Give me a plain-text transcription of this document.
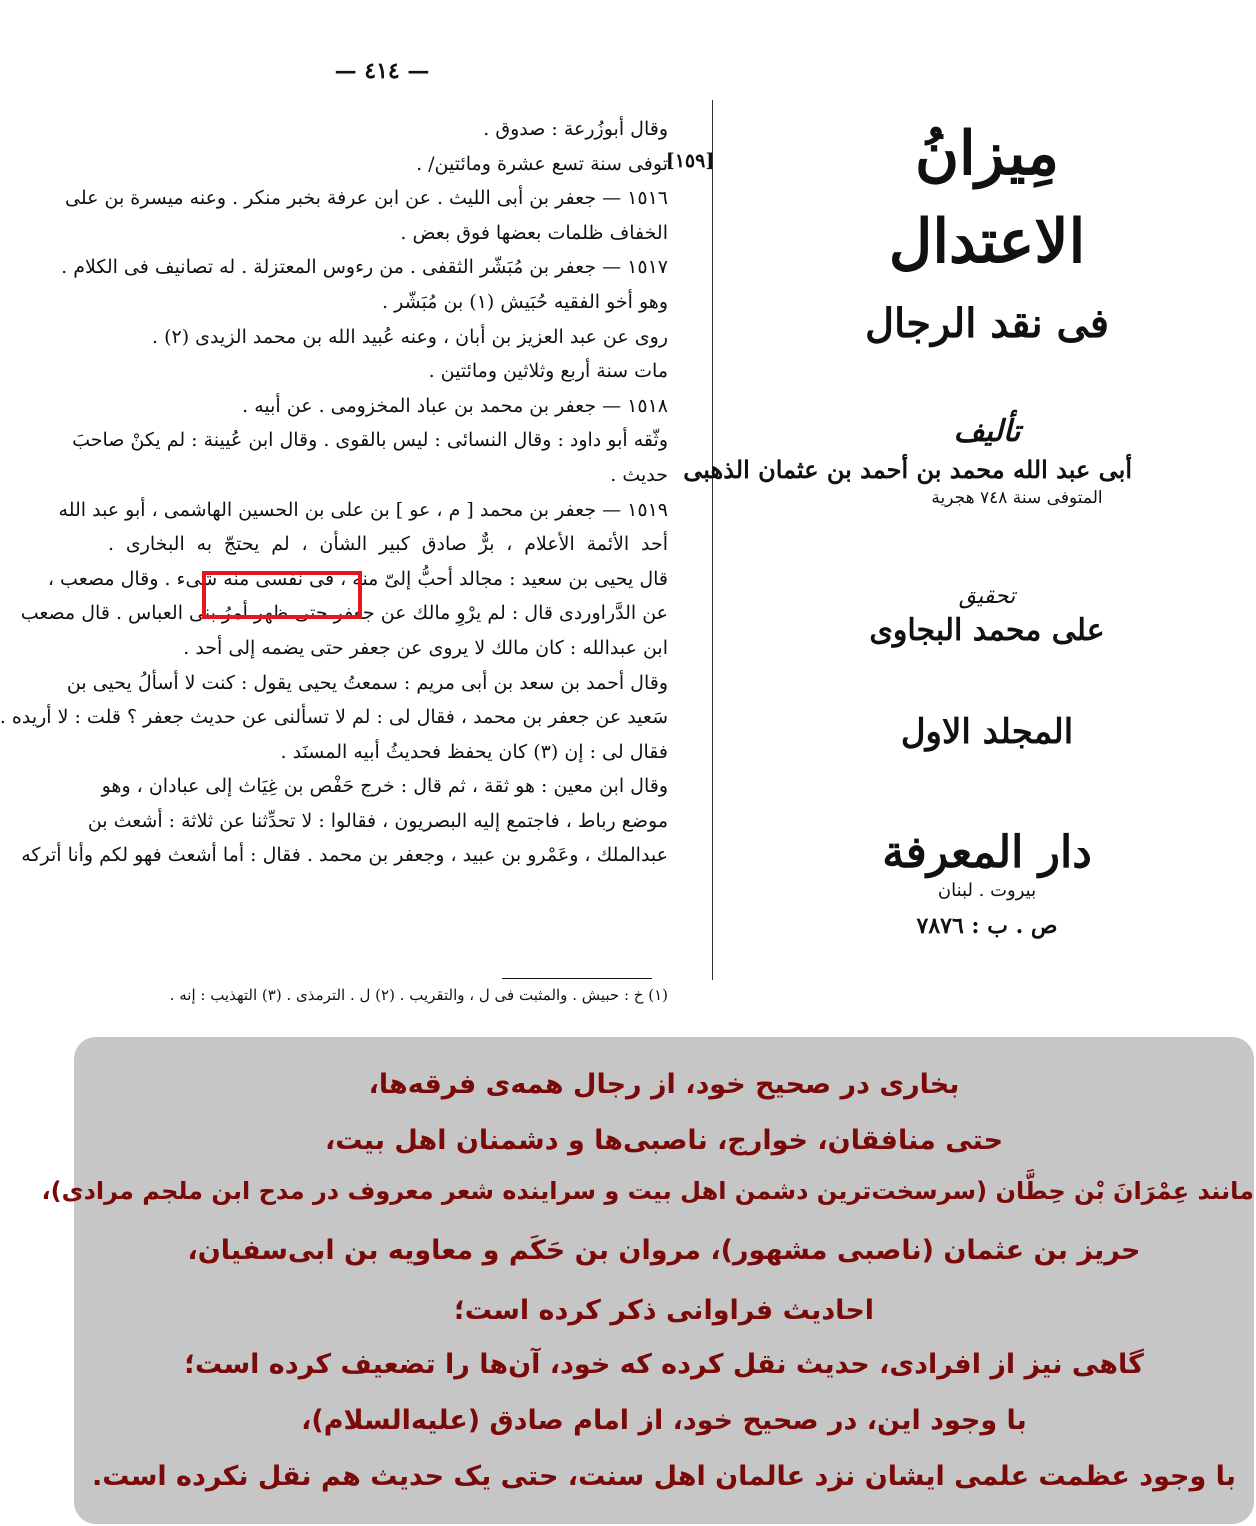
— ٤١٤ —
[١٥٩]
وقال أبوزُرعة : صدوق .
توفى سنة تسع عشرة ومائتين/ .
١٥١٦ — جعفر بن أبى الليث . عن ابن عرفة بخبر منكر . وعنه ميسرة بن على
الخفاف ظلمات بعضها فوق بعض .
١٥١٧ — جعفر بن مُبَشّر الثقفى . من رءوس المعتزلة . له تصانيف فى الكلام .
وهو أخو الفقيه حُبَيش (١) بن مُبَشّر .
روى عن عبد العزيز بن أبان ، وعنه عُبيد الله بن محمد الزيدى (٢) .
مات سنة أربع وثلاثين ومائتين .
١٥١٨ — جعفر بن محمد بن عباد المخزومى . عن أبيه .
وثّقه أبو داود : وقال النسائى : ليس بالقوى . وقال ابن عُيينة : لم يكنْ صاحبَ
حديث .
١٥١٩ — جعفر بن محمد [ م ، عو ] بن على بن الحسين الهاشمى ، أبو عبد الله
أحد الأئمة الأعلام ، برٌّ صادق كبير الشأن ، لم يحتجّ به البخارى .
قال يحيى بن سعيد : مجالد أحبُّ إلىّ منه ، فى نفسى منه شىء . وقال مصعب ،
عن الدَّراوردى قال : لم يرْوِ مالك عن جعفر حتى ظهر أمرُ بنى العباس . قال مصعب
ابن عبدالله : كان مالك لا يروى عن جعفر حتى يضمه إلى أحد .
وقال أحمد بن سعد بن أبى مريم : سمعتُ يحيى يقول : كنت لا أسألُ يحيى بن
سَعيد عن جعفر بن محمد ، فقال لى : لم لا تسألنى عن حديث جعفر ؟ قلت : لا أريده .
فقال لى : إن (٣) كان يحفظ فحديثُ أبيه المسنَد .
وقال ابن معين : هو ثقة ، ثم قال : خرج حَفْص بن غِيَاث إلى عبادان ، وهو
موضع رباط ، فاجتمع إليه البصريون ، فقالوا : لا تحدِّثنا عن ثلاثة : أشعث بن
عبدالملك ، وعَمْرو بن عبيد ، وجعفر بن محمد . فقال : أما أشعث فهو لكم وأنا أتركه
(١) خ : حبيش . والمثبت فى ل ، والتقريب . (٢) ل . الترمذى . (٣) التهذيب : إنه .
مِيزانُ الاعتدال
فى نقد الرجال
تأليف
أبى عبد الله محمد بن أحمد بن عثمان الذهبى
المتوفى سنة ٧٤٨ هجرية
تحقيق
على محمد البجاوى
المجلد الاول
دار المعرفة
بيروت . لبنان
ص . ب : ٧٨٧٦
بخاری در صحیح خود، از رجال همه‌ی فرقه‌ها،
حتی منافقان، خوارج، ناصبی‌ها و دشمنان اهل بیت،
مانند عِمْرَانَ بْن حِطَّان (سرسخت‌ترین دشمن اهل بیت و سراینده شعر معروف در مدح ابن ملجم مرادی)،
حریز بن عثمان (ناصبی مشهور)، مروان بن حَکَم و معاویه بن ابی‌سفیان،
احادیث فراوانی ذکر کرده است؛
گاهی نیز از افرادی، حدیث نقل کرده که خود، آن‌ها را تضعیف کرده است؛
با وجود این، در صحیح خود، از امام صادق (علیه‌السلام)،
با وجود عظمت علمی ایشان نزد عالمان اهل سنت، حتی یک حدیث هم نقل نکرده است.
